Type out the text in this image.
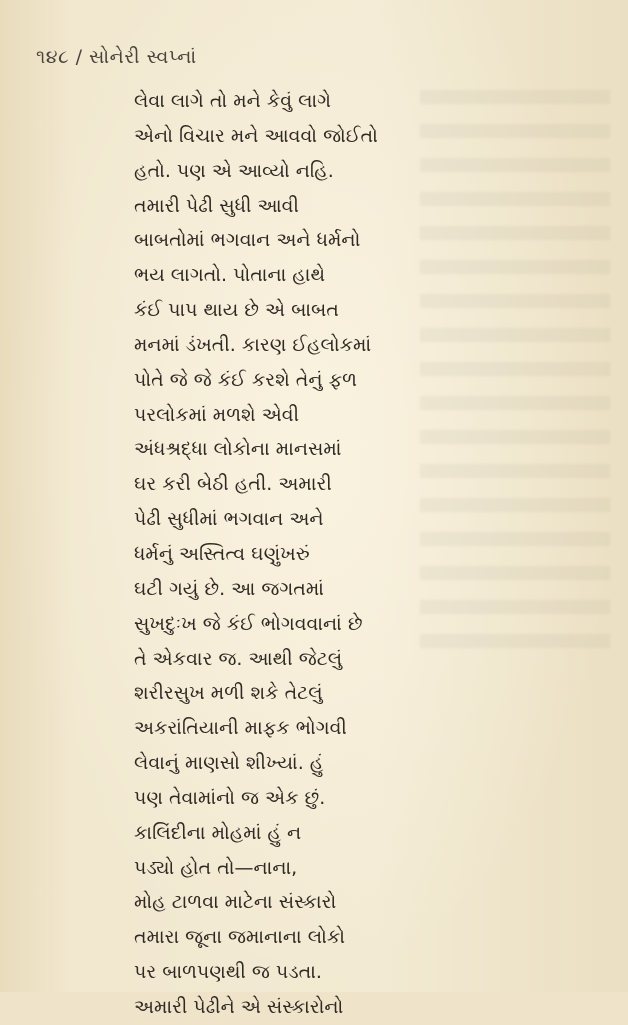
૧૪૮ / સોનેરી સ્વપ્નાં
લેવા લાગે તો મને કેવું લાગે
એનો વિચાર મને આવવો જોઈતો
હતો. પણ એ આવ્યો નહિ.
તમારી પેઢી સુધી આવી
બાબતોમાં ભગવાન અને ધર્મનો
ભય લાગતો. પોતાના હાથે
કંઈ પાપ થાય છે એ બાબત
મનમાં ડંખતી. કારણ ઈહલોકમાં
પોતે જે જે કંઈ કરશે તેનું ફળ
પરલોકમાં મળશે એવી
અંધશ્રદ્ધા લોકોના માનસમાં
ઘર કરી બેઠી હતી. અમારી
પેઢી સુધીમાં ભગવાન અને
ધર્મનું અસ્તિત્વ ઘણુંખરું
ઘટી ગયું છે. આ જગતમાં
સુખદુઃખ જે કંઈ ભોગવવાનાં છે
તે એકવાર જ. આથી જેટલું
શરીરસુખ મળી શકે તેટલું
અકરાંતિયાની માફક ભોગવી
લેવાનું માણસો શીખ્યાં. હું
પણ તેવામાંનો જ એક છું.
કાલિંદીના મોહમાં હું ન
પડ્યો હોત તો—નાના,
મોહ ટાળવા માટેના સંસ્કારો
તમારા જૂના જમાનાના લોકો
પર બાળપણથી જ પડતા.
અમારી પેઢીને એ સંસ્કારોનો
